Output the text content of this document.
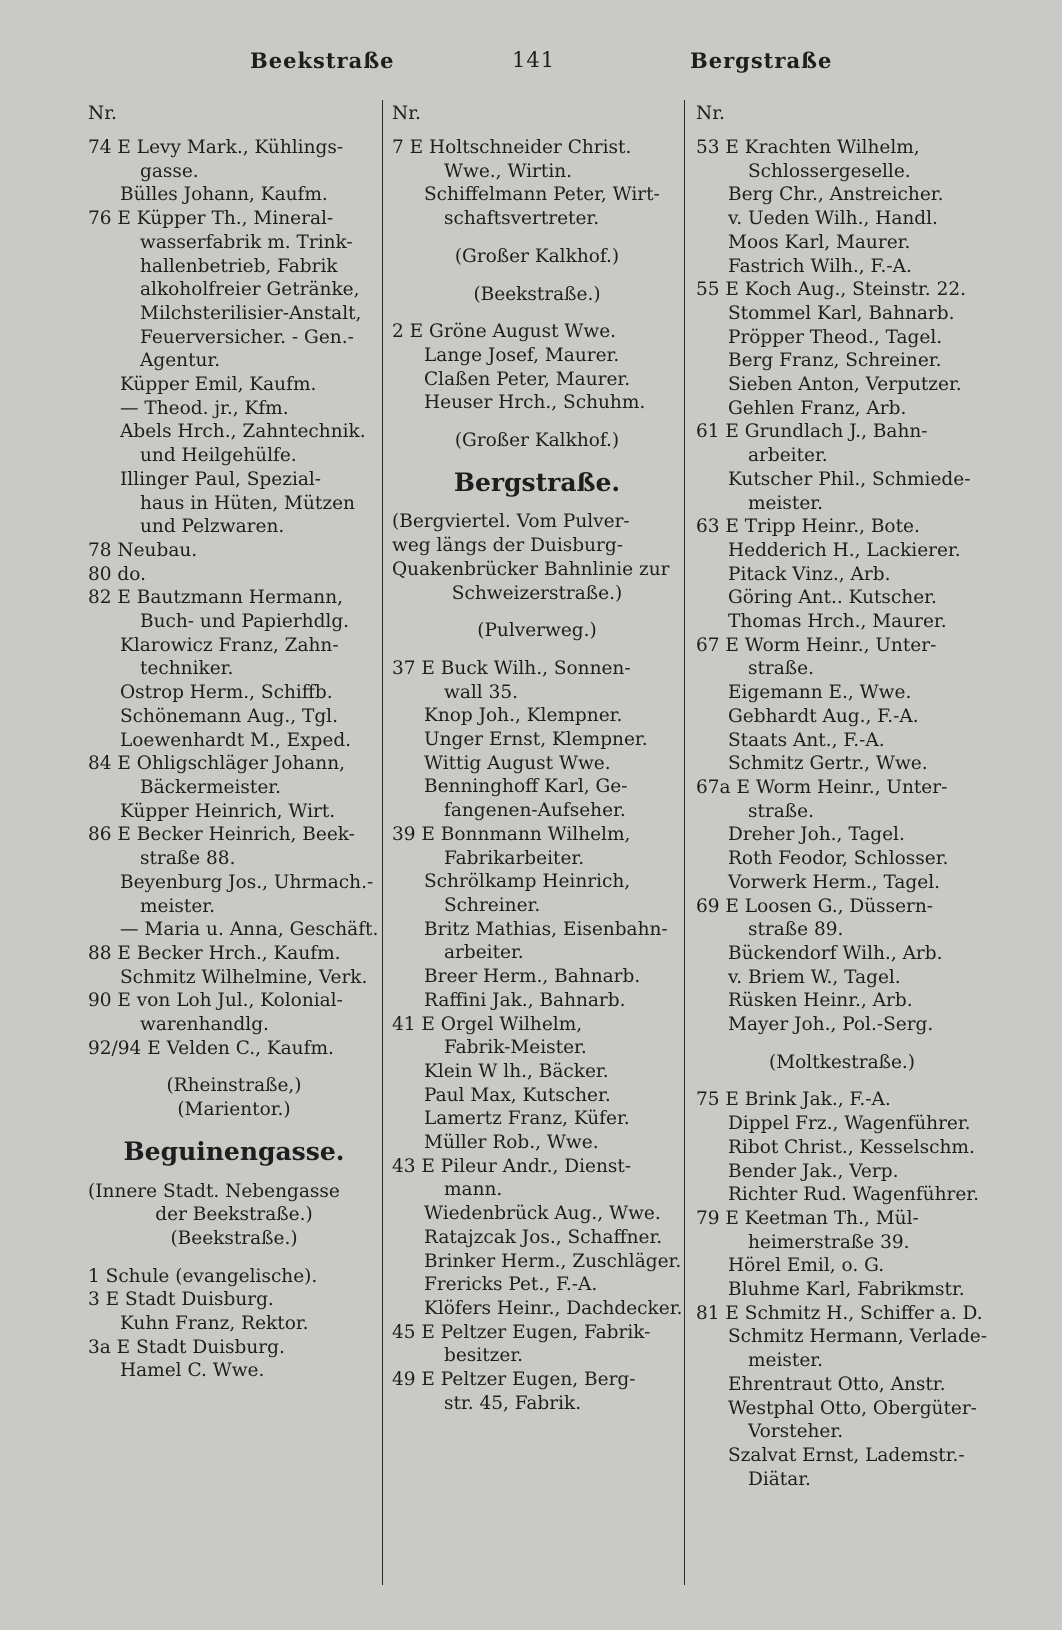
Beekstraße	141	Bergstraße
Nr.
74 E Levy Mark., Kühlings-
gasse.
Bülles Johann, Kaufm.
76 E Küpper Th., Mineral-
wasserfabrik m. Trink-
hallenbetrieb, Fabrik
alkoholfreier Getränke,
Milchsterilisier-Anstalt,
Feuerversicher. - Gen.-
Agentur.
Küpper Emil, Kaufm.
— Theod. jr., Kfm.
Abels Hrch., Zahntechnik.
und Heilgehülfe.
Illinger Paul, Spezial-
haus in Hüten, Mützen
und Pelzwaren.
78 Neubau.
80 do.
82 E Bautzmann Hermann,
Buch- und Papierhdlg.
Klarowicz Franz, Zahn-
techniker.
Ostrop Herm., Schiffb.
Schönemann Aug., Tgl.
Loewenhardt M., Exped.
84 E Ohligschläger Johann,
Bäckermeister.
Küpper Heinrich, Wirt.
86 E Becker Heinrich, Beek-
straße 88.
Beyenburg Jos., Uhrmach.-
meister.
— Maria u. Anna, Geschäft.
88 E Becker Hrch., Kaufm.
Schmitz Wilhelmine, Verk.
90 E von Loh Jul., Kolonial-
warenhandlg.
92/94 E Velden C., Kaufm.
(Rheinstraße,)
(Marientor.)
Beguinengasse.
(Innere Stadt. Nebengasse
der Beekstraße.)
(Beekstraße.)
1 Schule (evangelische).
3 E Stadt Duisburg.
Kuhn Franz, Rektor.
3a E Stadt Duisburg.
Hamel C. Wwe.
Nr.
7 E Holtschneider Christ.
Wwe., Wirtin.
Schiffelmann Peter, Wirt-
schaftsvertreter.
(Großer Kalkhof.)
(Beekstraße.)
2 E Gröne August Wwe.
Lange Josef, Maurer.
Claßen Peter, Maurer.
Heuser Hrch., Schuhm.
(Großer Kalkhof.)
Bergstraße.
(Bergviertel. Vom Pulver-
weg längs der Duisburg-
Quakenbrücker Bahnlinie zur
Schweizerstraße.)
(Pulverweg.)
37 E Buck Wilh., Sonnen-
wall 35.
Knop Joh., Klempner.
Unger Ernst, Klempner.
Wittig August Wwe.
Benninghoff Karl, Ge-
fangenen-Aufseher.
39 E Bonnmann Wilhelm,
Fabrikarbeiter.
Schrölkamp Heinrich,
Schreiner.
Britz Mathias, Eisenbahn-
arbeiter.
Breer Herm., Bahnarb.
Raffini Jak., Bahnarb.
41 E Orgel Wilhelm,
Fabrik-Meister.
Klein W lh., Bäcker.
Paul Max, Kutscher.
Lamertz Franz, Küfer.
Müller Rob., Wwe.
43 E Pileur Andr., Dienst-
mann.
Wiedenbrück Aug., Wwe.
Ratajzcak Jos., Schaffner.
Brinker Herm., Zuschläger.
Frericks Pet., F.-A.
Klöfers Heinr., Dachdecker.
45 E Peltzer Eugen, Fabrik-
besitzer.
49 E Peltzer Eugen, Berg-
str. 45, Fabrik.
Nr.
53 E Krachten Wilhelm,
Schlossergeselle.
Berg Chr., Anstreicher.
v. Ueden Wilh., Handl.
Moos Karl, Maurer.
Fastrich Wilh., F.-A.
55 E Koch Aug., Steinstr. 22.
Stommel Karl, Bahnarb.
Pröpper Theod., Tagel.
Berg Franz, Schreiner.
Sieben Anton, Verputzer.
Gehlen Franz, Arb.
61 E Grundlach J., Bahn-
arbeiter.
Kutscher Phil., Schmiede-
meister.
63 E Tripp Heinr., Bote.
Hedderich H., Lackierer.
Pitack Vinz., Arb.
Göring Ant.. Kutscher.
Thomas Hrch., Maurer.
67 E Worm Heinr., Unter-
straße.
Eigemann E., Wwe.
Gebhardt Aug., F.-A.
Staats Ant., F.-A.
Schmitz Gertr., Wwe.
67a E Worm Heinr., Unter-
straße.
Dreher Joh., Tagel.
Roth Feodor, Schlosser.
Vorwerk Herm., Tagel.
69 E Loosen G., Düssern-
straße 89.
Bückendorf Wilh., Arb.
v. Briem W., Tagel.
Rüsken Heinr., Arb.
Mayer Joh., Pol.-Serg.
(Moltkestraße.)
75 E Brink Jak., F.-A.
Dippel Frz., Wagenführer.
Ribot Christ., Kesselschm.
Bender Jak., Verp.
Richter Rud. Wagenführer.
79 E Keetman Th., Mül-
heimerstraße 39.
Hörel Emil, o. G.
Bluhme Karl, Fabrikmstr.
81 E Schmitz H., Schiffer a. D.
Schmitz Hermann, Verlade-
meister.
Ehrentraut Otto, Anstr.
Westphal Otto, Obergüter-
Vorsteher.
Szalvat Ernst, Lademstr.-
Diätar.
